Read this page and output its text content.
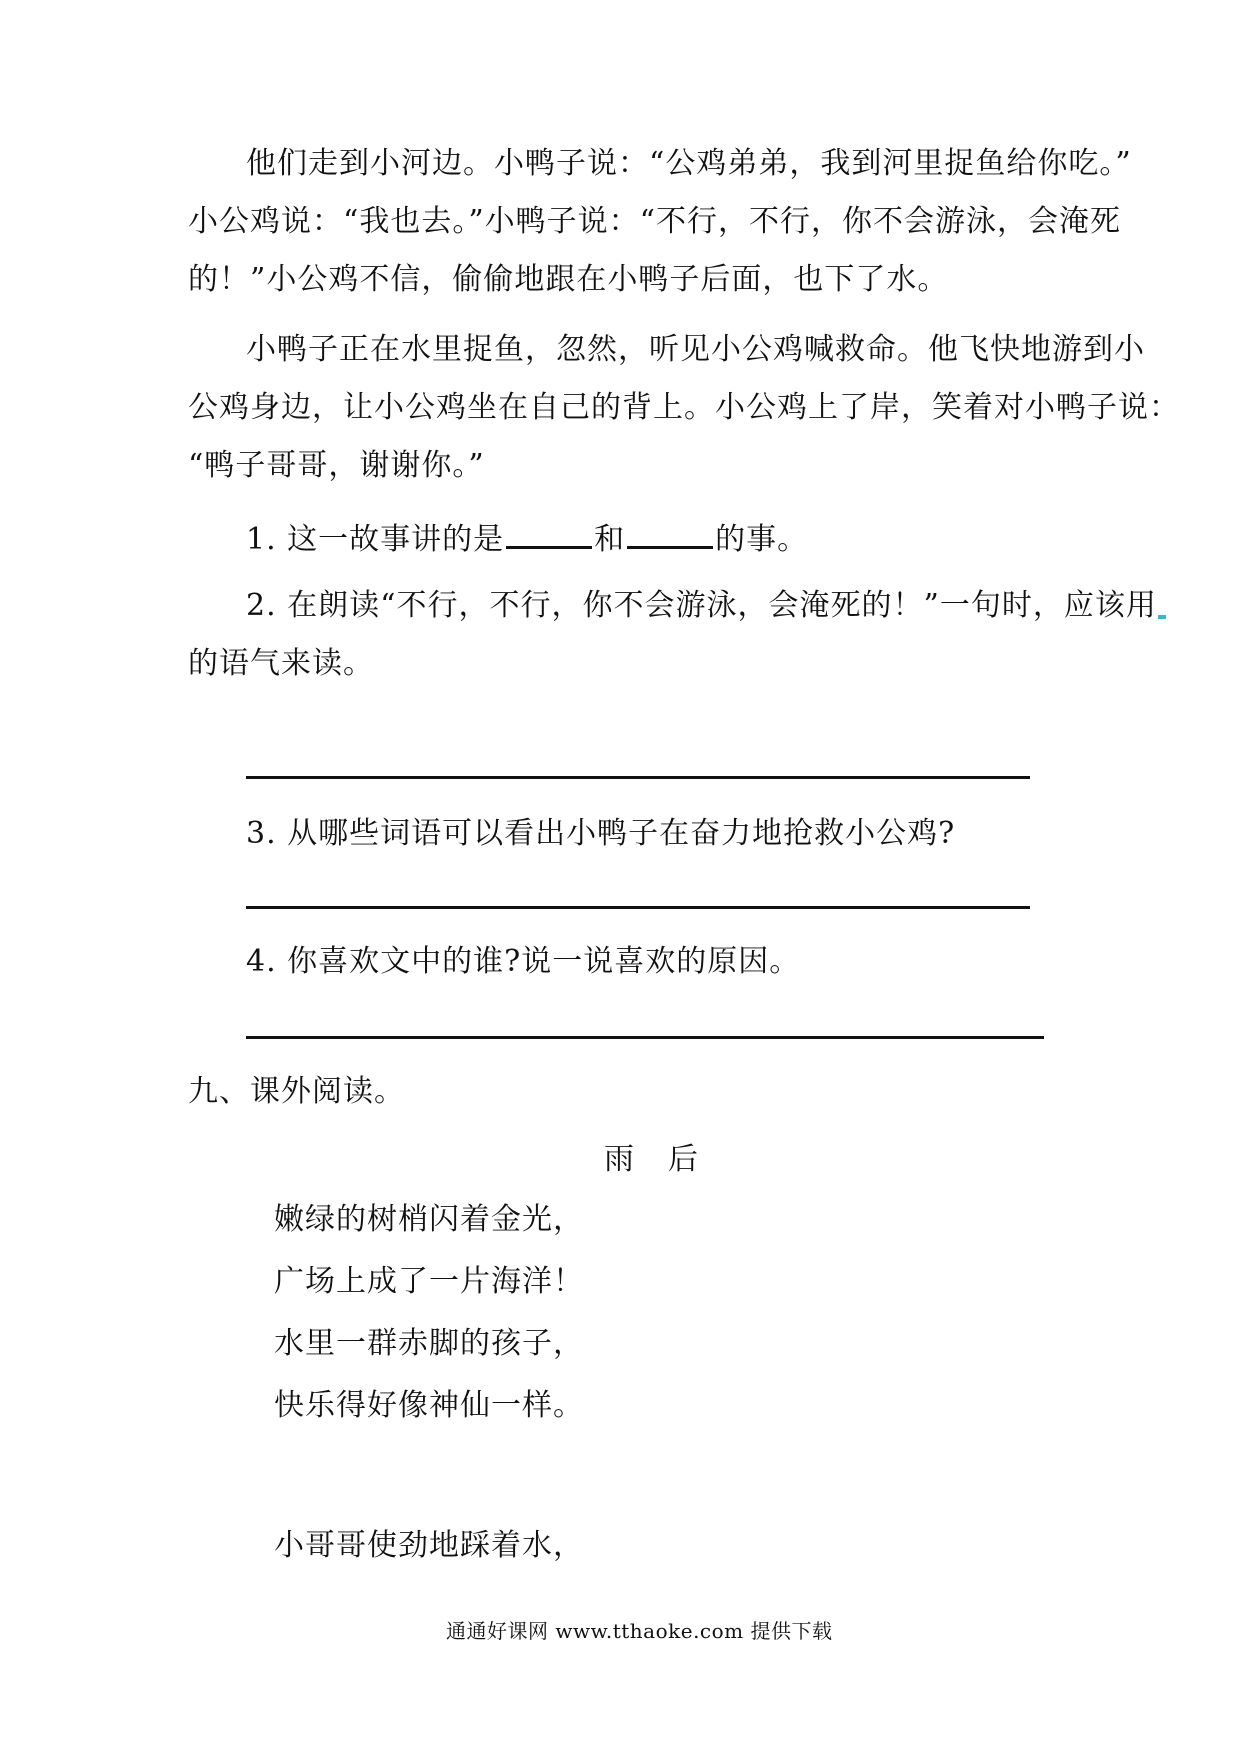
他们走到小河边。小鸭子说：“公鸡弟弟，我到河里捉鱼给你吃。”
小公鸡说：“我也去。”小鸭子说：“不行，不行，你不会游泳，会淹死
的！”小公鸡不信，偷偷地跟在小鸭子后面，也下了水。
小鸭子正在水里捉鱼，忽然，听见小公鸡喊救命。他飞快地游到小
公鸡身边，让小公鸡坐在自己的背上。小公鸡上了岸，笑着对小鸭子说：
“鸭子哥哥，谢谢你。”
1. 这一故事讲的是	和	的事。
2. 在朗读“不行，不行，你不会游泳，会淹死的！”一句时，应该用
的语气来读。
3. 从哪些词语可以看出小鸭子在奋力地抢救小公鸡?
4. 你喜欢文中的谁?说一说喜欢的原因。
九、课外阅读。
雨后
嫩绿的树梢闪着金光，
广场上成了一片海洋！
水里一群赤脚的孩子，
快乐得好像神仙一样。
小哥哥使劲地踩着水，
通通好课网 www.tthaoke.com 提供下载
